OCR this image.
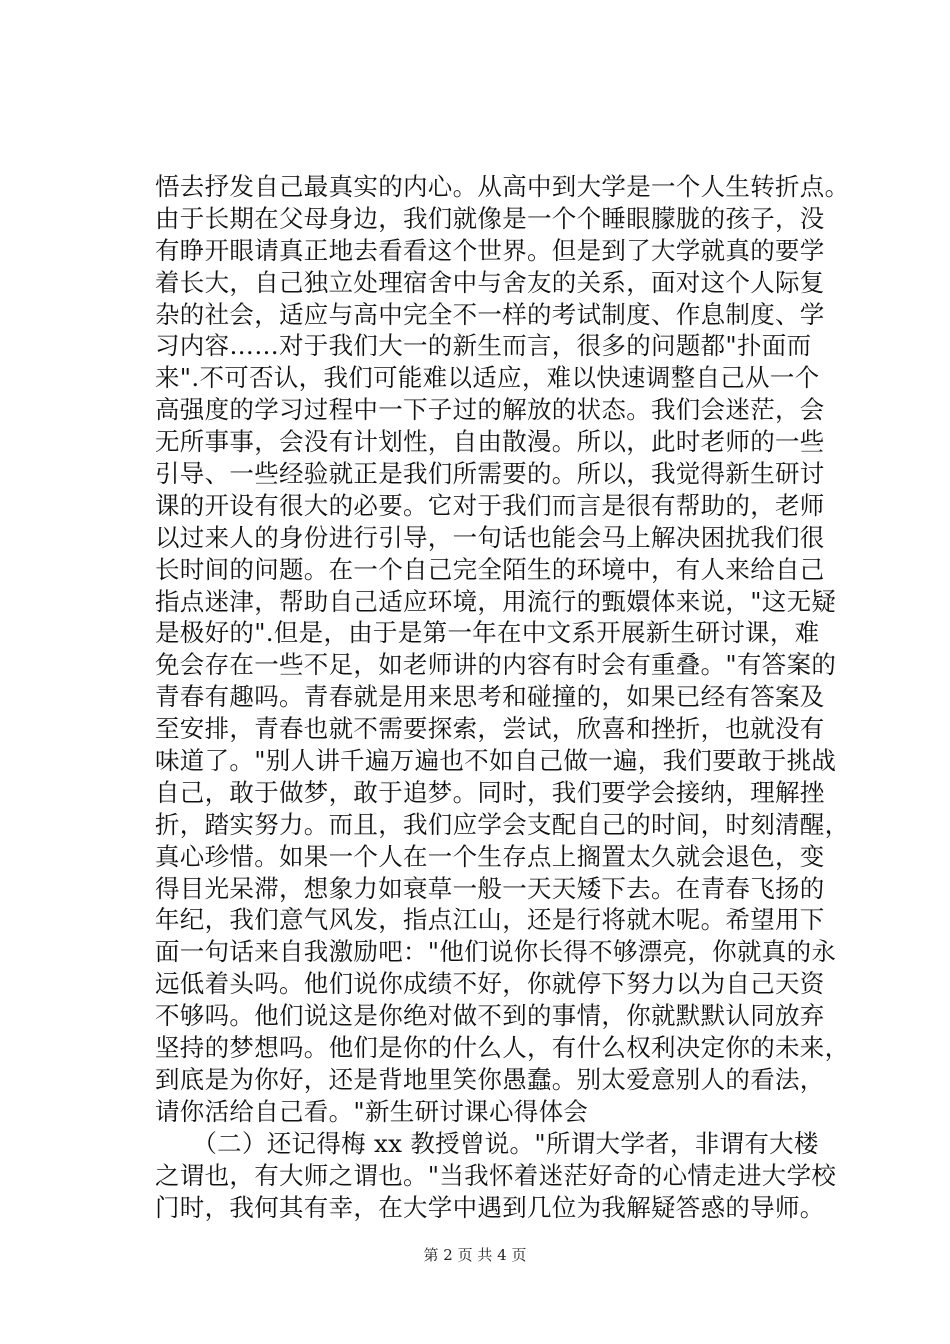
悟去抒发自己最真实的内心。从高中到大学是一个人生转折点。
由于长期在父母身边，我们就像是一个个睡眼朦胧的孩子，没
有睁开眼请真正地去看看这个世界。但是到了大学就真的要学
着长大，自己独立处理宿舍中与舍友的关系，面对这个人际复
杂的社会，适应与高中完全不一样的考试制度、作息制度、学
习内容……对于我们大一的新生而言，很多的问题都"扑面而
来".不可否认，我们可能难以适应，难以快速调整自己从一个
高强度的学习过程中一下子过的解放的状态。我们会迷茫，会
无所事事，会没有计划性，自由散漫。所以，此时老师的一些
引导、一些经验就正是我们所需要的。所以，我觉得新生研讨
课的开设有很大的必要。它对于我们而言是很有帮助的，老师
以过来人的身份进行引导，一句话也能会马上解决困扰我们很
长时间的问题。在一个自己完全陌生的环境中，有人来给自己
指点迷津，帮助自己适应环境，用流行的甄嬛体来说，"这无疑
是极好的".但是，由于是第一年在中文系开展新生研讨课，难
免会存在一些不足，如老师讲的内容有时会有重叠。"有答案的
青春有趣吗。青春就是用来思考和碰撞的，如果已经有答案及
至安排，青春也就不需要探索，尝试，欣喜和挫折，也就没有
味道了。"别人讲千遍万遍也不如自己做一遍，我们要敢于挑战
自己，敢于做梦，敢于追梦。同时，我们要学会接纳，理解挫
折，踏实努力。而且，我们应学会支配自己的时间，时刻清醒，
真心珍惜。如果一个人在一个生存点上搁置太久就会退色，变
得目光呆滞，想象力如衰草一般一天天矮下去。在青春飞扬的
年纪，我们意气风发，指点江山，还是行将就木呢。希望用下
面一句话来自我激励吧："他们说你长得不够漂亮，你就真的永
远低着头吗。他们说你成绩不好，你就停下努力以为自己天资
不够吗。他们说这是你绝对做不到的事情，你就默默认同放弃
坚持的梦想吗。他们是你的什么人，有什么权利决定你的未来，
到底是为你好，还是背地里笑你愚蠢。别太爱意别人的看法，
请你活给自己看。"新生研讨课心得体会
　　（二）还记得梅 xx 教授曾说。"所谓大学者，非谓有大楼
之谓也，有大师之谓也。"当我怀着迷茫好奇的心情走进大学校
门时，我何其有幸，在大学中遇到几位为我解疑答惑的导师。
第 2 页 共 4 页
